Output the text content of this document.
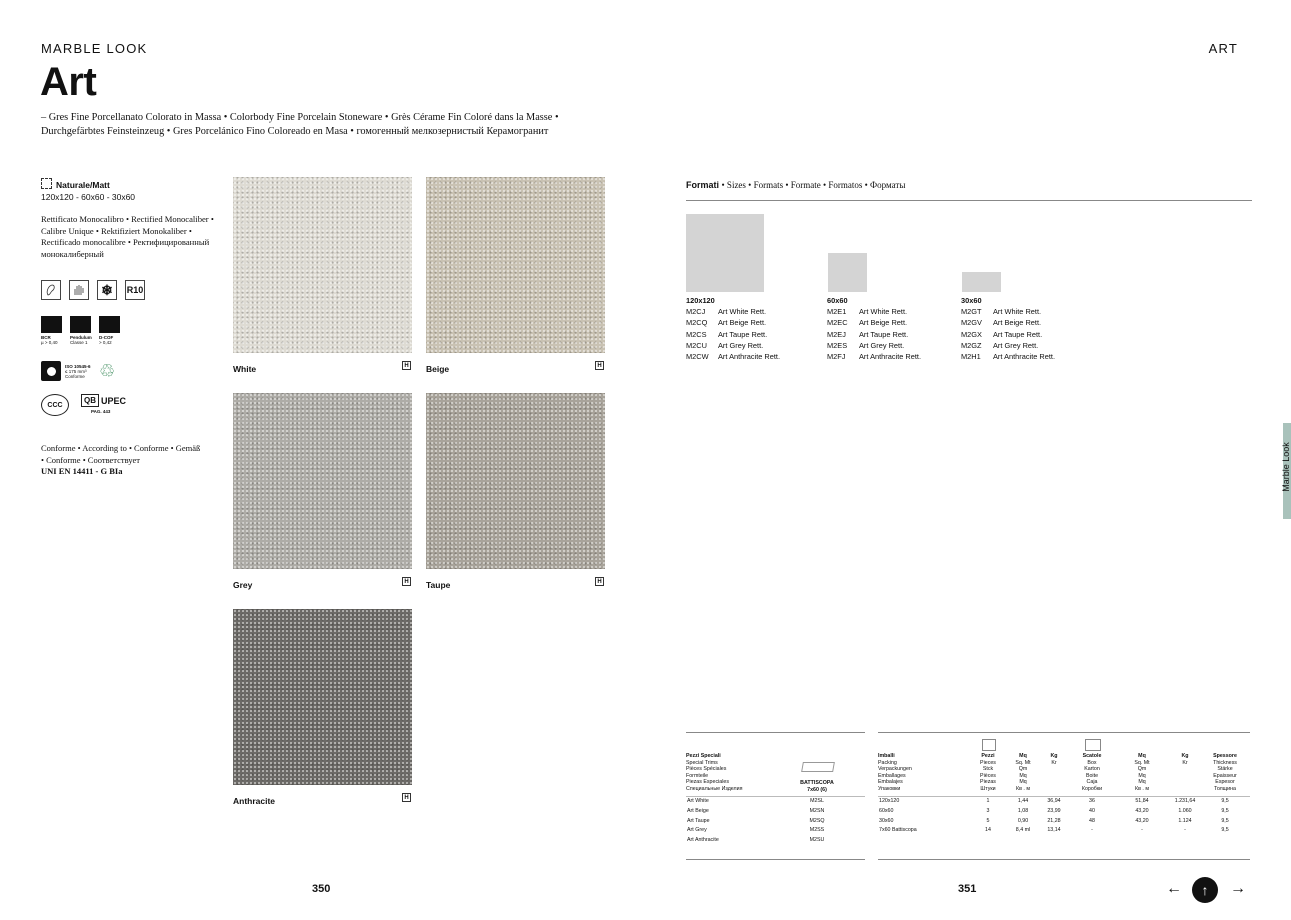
MARBLE LOOK
Art
– Gres Fine Porcellanato Colorato in Massa • Colorbody Fine Porcelain Stoneware • Grès Cérame Fin Coloré dans la Masse • Durchgefärbtes Feinsteinzeug • Gres Porcelánico Fino Coloreado en Masa • гомогенный мелкозернистый Керамогранит
Naturale/Matt
120x120 - 60x60 - 30x60
Rettificato Monocalibro • Rectified Monocaliber • Calibre Unique • Rektifiziert Monokaliber • Rectificado monocalibre • Ректифицированный монокалиберный
❄	R10
BCR
µ > 0,40
Pendulum
Classe 1
D-COF
> 0,42
ISO 10545-6
≤ 175 mm³
Conforme ♲
CCC	QB UPEC
PAG. 443
Conforme • According to • Conforme • Gemäß • Conforme • Соответствует
UNI EN 14411 - G BIa
White	H Beige	H
Grey	H Taupe	H
Anthracite	H
350
ART
Formati • Sizes • Formats • Formate • Formatos • Форматы
120x120
M2CJ Art White Rett.
M2CQ Art Beige Rett.
M2CS Art Taupe Rett.
M2CU Art Grey Rett.
M2CW Art Anthracite Rett.
60x60
M2E1 Art White Rett.
M2EC Art Beige Rett.
M2EJ Art Taupe Rett.
M2ES Art Grey Rett.
M2FJ Art Anthracite Rett.
30x60
M2GT Art White Rett.
M2GV Art Beige Rett.
M2GX Art Taupe Rett.
M2GZ Art Grey Rett.
M2H1 Art Anthracite Rett.
Pezzi Speciali
Special Trims
Pièces Spéciales
Formteile
Piezas Especiales
Специальные Изделия
BATTISCOPA
7x60 (6)
Art White	M2SL
Art Beige	M2SN
Art Taupe	M2SQ
Art Grey	M2SS
Art Anthracite	M2SU
Imballi
Packing
Verpackungen
Emballages
Embalajes
Упаковки
Pezzi
Pieces
Stck
Pièces
Piezas
Штуки
Mq
Sq. Mt
Qm
Mq
Mq
Кв . м
Kg
Kr
Scatole
Box
Karton
Boite
Caja
Коробки
Mq
Sq. Mt
Qm
Mq
Mq
Кв . м
Kg
Kr
Spessore
Thickness
Stärke
Epaisseur
Espesor
Толщина
120x120	1	1,44	36,94	36	51,84	1.231,64	9,5
60x60	3	1,08	23,99	40	43,20	1.060	9,5
30x60	5	0,90	21,28	48	43,20	1.124	9,5
7x60 Battiscopa	14	8,4 ml	13,14	-	-	-	9,5
351
Marble Look
←	↑	→
